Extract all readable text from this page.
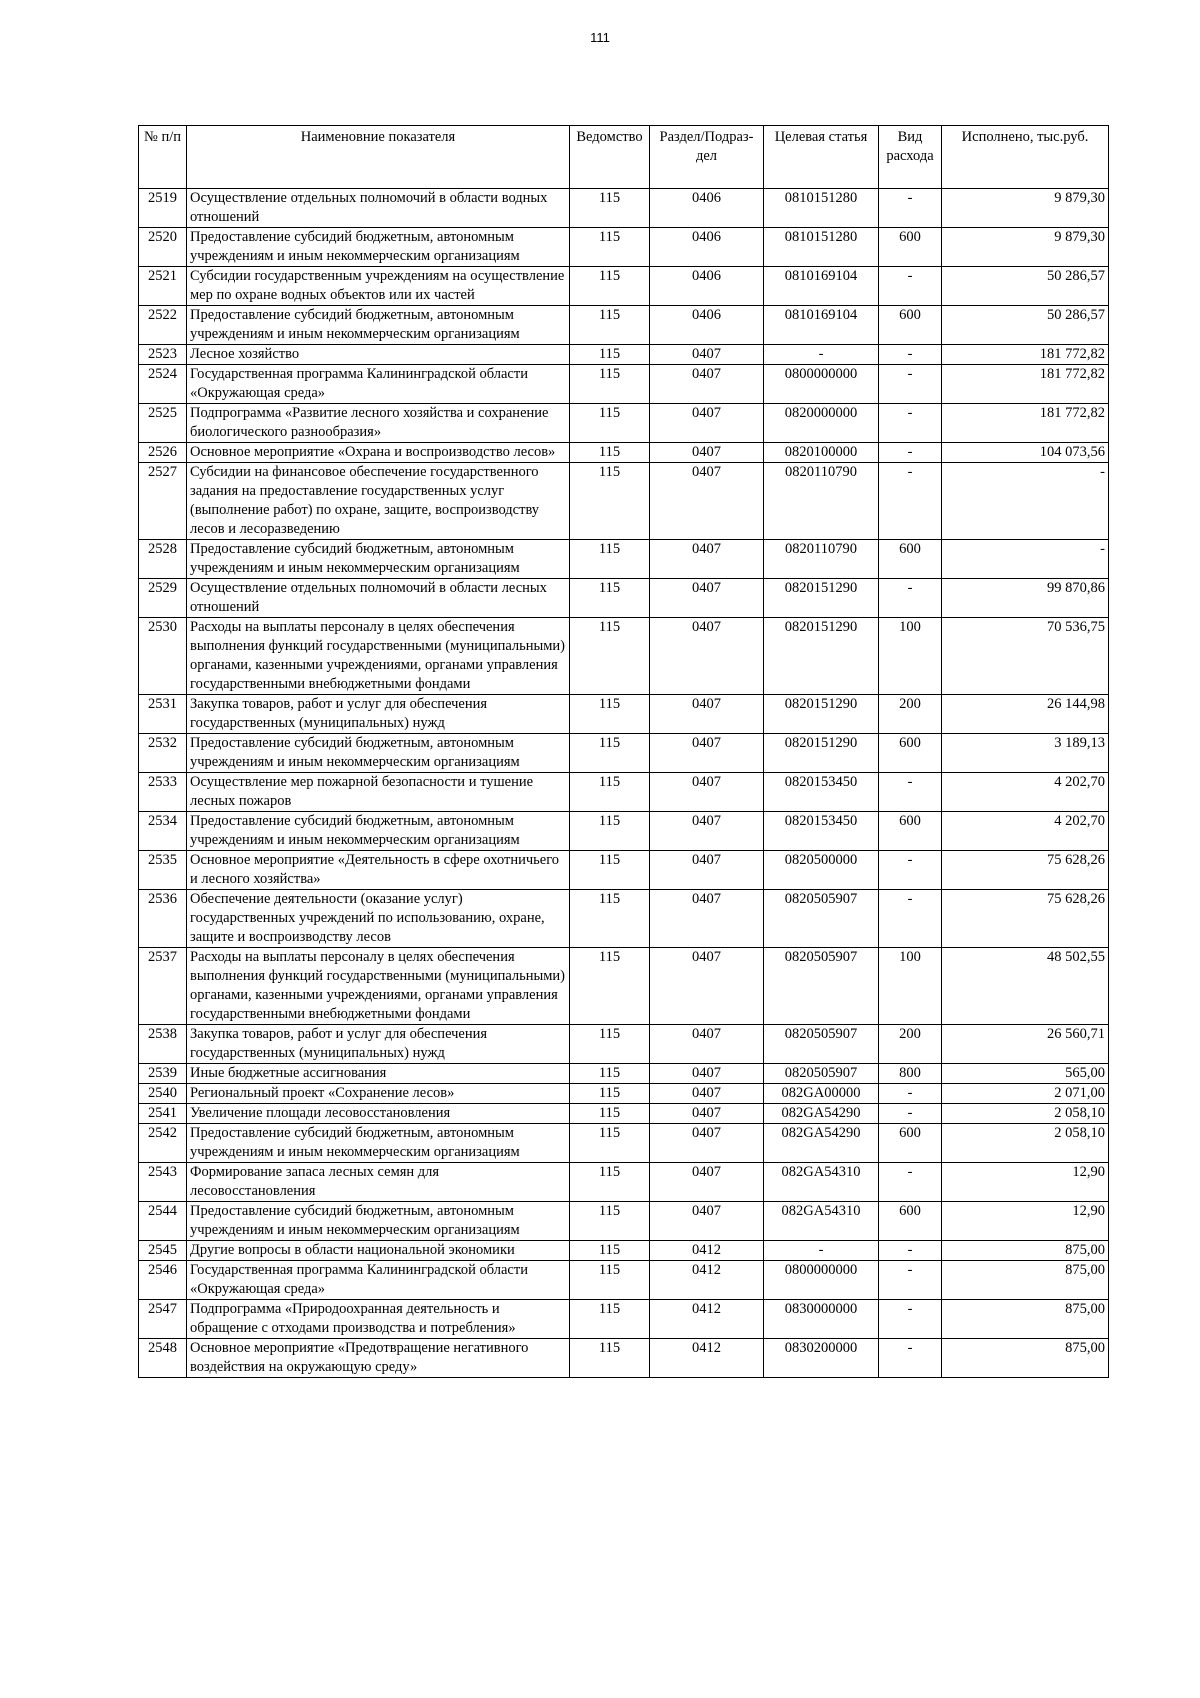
111
№ п/п	Наименовние показателя	Ведомство	Раздел/Подраз-дел	Целевая статья	Вид расхода	Исполнено, тыс.руб.
2519	Осуществление отдельных полномочий в области водных отношений	115	0406	0810151280	-	9 879,30
2520	Предоставление субсидий бюджетным, автономным учреждениям и иным некоммерческим организациям	115	0406	0810151280	600	9 879,30
2521	Субсидии государственным учреждениям на осуществление мер по охране водных объектов или их частей	115	0406	0810169104	-	50 286,57
2522	Предоставление субсидий бюджетным, автономным учреждениям и иным некоммерческим организациям	115	0406	0810169104	600	50 286,57
2523	Лесное хозяйство	115	0407	-	-	181 772,82
2524	Государственная программа Калининградской области «Окружающая среда»	115	0407	0800000000	-	181 772,82
2525	Подпрограмма «Развитие лесного хозяйства и сохранение биологического разнообразия»	115	0407	0820000000	-	181 772,82
2526	Основное мероприятие «Охрана и воспроизводство лесов»	115	0407	0820100000	-	104 073,56
2527	Субсидии на финансовое обеспечение государственного задания на предоставление государственных услуг (выполнение работ) по охране, защите, воспроизводству лесов и лесоразведению	115	0407	0820110790	-	-
2528	Предоставление субсидий бюджетным, автономным учреждениям и иным некоммерческим организациям	115	0407	0820110790	600	-
2529	Осуществление отдельных полномочий в области лесных отношений	115	0407	0820151290	-	99 870,86
2530	Расходы на выплаты персоналу в целях обеспечения выполнения функций государственными (муниципальными) органами, казенными учреждениями, органами управления государственными внебюджетными фондами	115	0407	0820151290	100	70 536,75
2531	Закупка товаров, работ и услуг для обеспечения государственных (муниципальных) нужд	115	0407	0820151290	200	26 144,98
2532	Предоставление субсидий бюджетным, автономным учреждениям и иным некоммерческим организациям	115	0407	0820151290	600	3 189,13
2533	Осуществление мер пожарной безопасности и тушение лесных пожаров	115	0407	0820153450	-	4 202,70
2534	Предоставление субсидий бюджетным, автономным учреждениям и иным некоммерческим организациям	115	0407	0820153450	600	4 202,70
2535	Основное мероприятие «Деятельность в сфере охотничьего и лесного хозяйства»	115	0407	0820500000	-	75 628,26
2536	Обеспечение деятельности (оказание услуг) государственных учреждений по использованию, охране, защите и воспроизводству лесов	115	0407	0820505907	-	75 628,26
2537	Расходы на выплаты персоналу в целях обеспечения выполнения функций государственными (муниципальными) органами, казенными учреждениями, органами управления государственными внебюджетными фондами	115	0407	0820505907	100	48 502,55
2538	Закупка товаров, работ и услуг для обеспечения государственных (муниципальных) нужд	115	0407	0820505907	200	26 560,71
2539	Иные бюджетные ассигнования	115	0407	0820505907	800	565,00
2540	Региональный проект «Сохранение лесов»	115	0407	082GA00000	-	2 071,00
2541	Увеличение площади лесовосстановления	115	0407	082GA54290	-	2 058,10
2542	Предоставление субсидий бюджетным, автономным учреждениям и иным некоммерческим организациям	115	0407	082GA54290	600	2 058,10
2543	Формирование запаса лесных семян для лесовосстановления	115	0407	082GA54310	-	12,90
2544	Предоставление субсидий бюджетным, автономным учреждениям и иным некоммерческим организациям	115	0407	082GA54310	600	12,90
2545	Другие вопросы в области национальной экономики	115	0412	-	-	875,00
2546	Государственная программа Калининградской области «Окружающая среда»	115	0412	0800000000	-	875,00
2547	Подпрограмма «Природоохранная деятельность и обращение с отходами производства и потребления»	115	0412	0830000000	-	875,00
2548	Основное мероприятие «Предотвращение негативного воздействия на окружающую среду»	115	0412	0830200000	-	875,00
